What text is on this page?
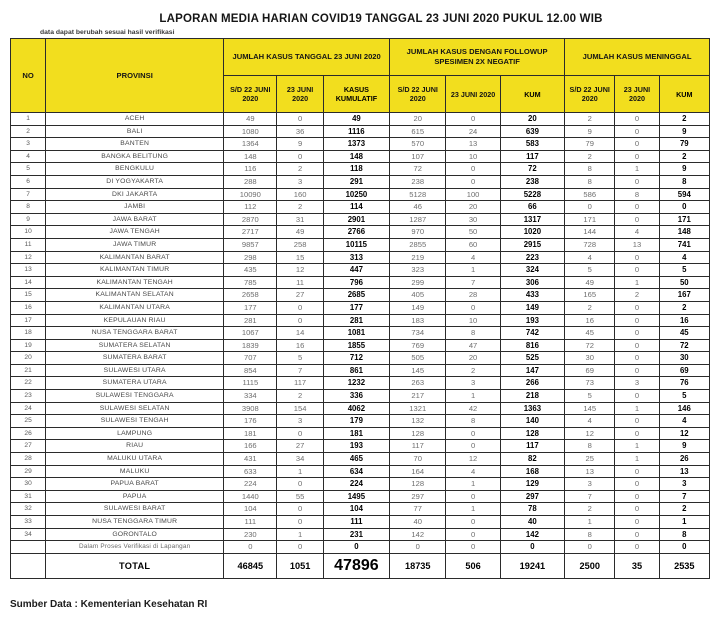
LAPORAN MEDIA HARIAN COVID19 TANGGAL 23 JUNI 2020 PUKUL 12.00 WIB
data dapat berubah sesuai hasil verifikasi
NO	PROVINSI	JUMLAH KASUS TANGGAL 23 JUNI 2020			JUMLAH KASUS DENGAN FOLLOWUP SPESIMEN 2X NEGATIF			JUMLAH KASUS MENINGGAL		
		S/D 22 JUNI 2020	23 JUNI 2020	KASUS KUMULATIF	S/D 22 JUNI 2020	23 JUNI 2020	KUM	S/D 22 JUNI 2020	23 JUNI 2020	KUM
1	ACEH	49	0	49	20	0	20	2	0	2
2	BALI	1080	36	1116	615	24	639	9	0	9
3	BANTEN	1364	9	1373	570	13	583	79	0	79
4	BANGKA BELITUNG	148	0	148	107	10	117	2	0	2
5	BENGKULU	116	2	118	72	0	72	8	1	9
6	DI YOGYAKARTA	288	3	291	238	0	238	8	0	8
7	DKI JAKARTA	10090	160	10250	5128	100	5228	586	8	594
8	JAMBI	112	2	114	46	20	66	0	0	0
9	JAWA BARAT	2870	31	2901	1287	30	1317	171	0	171
10	JAWA TENGAH	2717	49	2766	970	50	1020	144	4	148
11	JAWA TIMUR	9857	258	10115	2855	60	2915	728	13	741
12	KALIMANTAN BARAT	298	15	313	219	4	223	4	0	4
13	KALIMANTAN TIMUR	435	12	447	323	1	324	5	0	5
14	KALIMANTAN TENGAH	785	11	796	299	7	306	49	1	50
15	KALIMANTAN SELATAN	2658	27	2685	405	28	433	165	2	167
16	KALIMANTAN UTARA	177	0	177	149	0	149	2	0	2
17	KEPULAUAN RIAU	281	0	281	183	10	193	16	0	16
18	NUSA TENGGARA BARAT	1067	14	1081	734	8	742	45	0	45
19	SUMATERA SELATAN	1839	16	1855	769	47	816	72	0	72
20	SUMATERA BARAT	707	5	712	505	20	525	30	0	30
21	SULAWESI UTARA	854	7	861	145	2	147	69	0	69
22	SUMATERA UTARA	1115	117	1232	263	3	266	73	3	76
23	SULAWESI TENGGARA	334	2	336	217	1	218	5	0	5
24	SULAWESI SELATAN	3908	154	4062	1321	42	1363	145	1	146
25	SULAWESI TENGAH	176	3	179	132	8	140	4	0	4
26	LAMPUNG	181	0	181	128	0	128	12	0	12
27	RIAU	166	27	193	117	0	117	8	1	9
28	MALUKU UTARA	431	34	465	70	12	82	25	1	26
29	MALUKU	633	1	634	164	4	168	13	0	13
30	PAPUA BARAT	224	0	224	128	1	129	3	0	3
31	PAPUA	1440	55	1495	297	0	297	7	0	7
32	SULAWESI BARAT	104	0	104	77	1	78	2	0	2
33	NUSA TENGGARA TIMUR	111	0	111	40	0	40	1	0	1
34	GORONTALO	230	1	231	142	0	142	8	0	8
	Dalam Proses Verifikasi di Lapangan	0	0	0	0	0	0	0	0	0
	TOTAL	46845	1051	47896	18735	506	19241	2500	35	2535
Sumber Data : Kementerian Kesehatan RI
